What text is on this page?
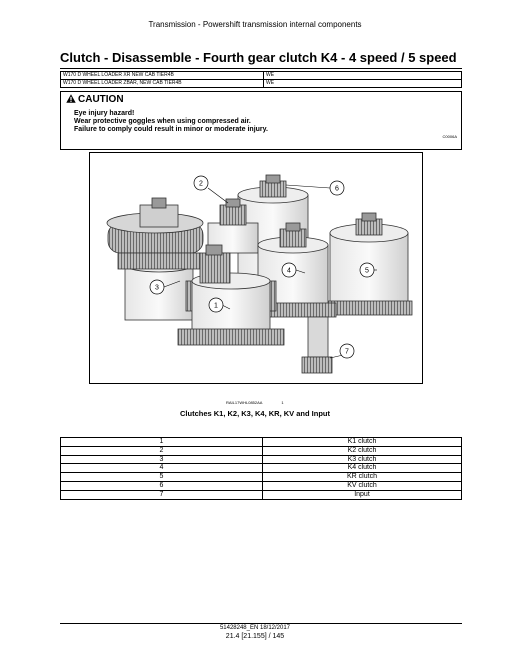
Transmission - Powershift transmission internal components
Clutch - Disassemble - Fourth gear clutch K4 - 4 speed / 5 speed
W170 D WHEEL LOADER XR NEW CAB TIER4B	WE
W170 D WHEEL LOADER ZBAR, NEW CAB TIER4B	WE
CAUTION
Eye injury hazard!
Wear protective goggles when using compressed air.
Failure to comply could result in minor or moderate injury.
C0006A
2
6
3
4	5
1
7
RAIL17WHL0852AA	1
Clutches K1, K2, K3, K4, KR, KV and Input
1	K1 clutch
2	K2 clutch
3	K3 clutch
4	K4 clutch
5	KR clutch
6	KV clutch
7	Input
51428248_EN 18/12/2017
21.4 [21.155] / 145
